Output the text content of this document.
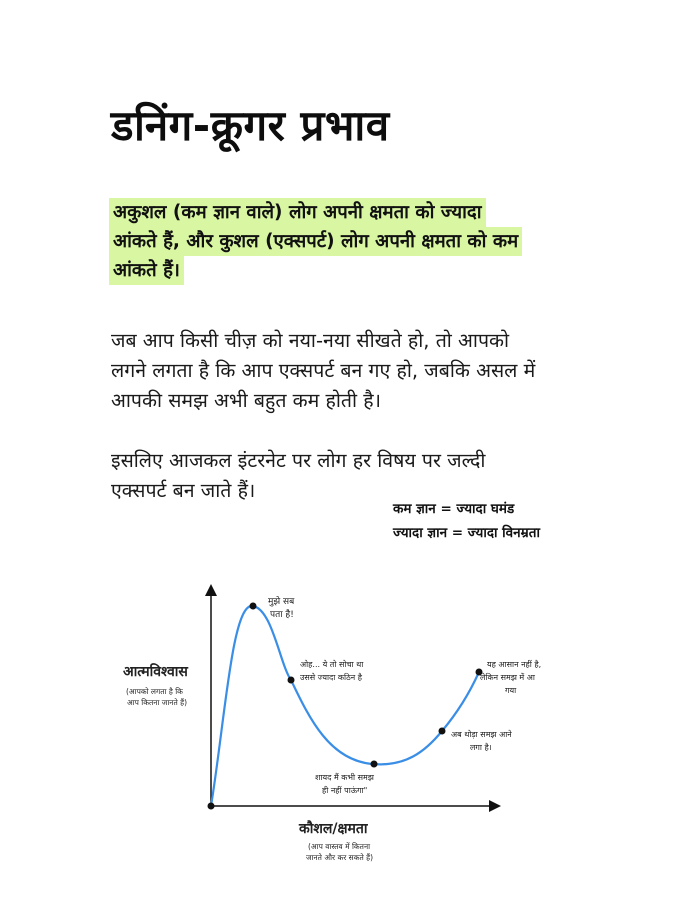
डनिंग-क्रूगर प्रभाव
अकुशल (कम ज्ञान वाले) लोग अपनी क्षमता को ज्यादा
आंकते हैं, और कुशल (एक्सपर्ट) लोग अपनी क्षमता को कम
आंकते हैं।
जब आप किसी चीज़ को नया-नया सीखते हो, तो आपको
लगने लगता है कि आप एक्सपर्ट बन गए हो, जबकि असल में
आपकी समझ अभी बहुत कम होती है।
इसलिए आजकल इंटरनेट पर लोग हर विषय पर जल्दी
एक्सपर्ट बन जाते हैं।
कम ज्ञान = ज्यादा घमंड
ज्यादा ज्ञान = ज्यादा विनम्रता
मुझे सब
पता है!
ओह... ये तो सोचा था
उससे ज्यादा कठिन है
शायद मैं कभी समझ
ही नहीं पाऊंगा"
अब थोड़ा समझ आने
लगा है।
यह आसान नहीं है,
लेकिन समझ में आ
गया
आत्मविश्वास
(आपको लगता है कि
आप कितना जानते हैं)
कौशल/क्षमता
(आप वास्तव में कितना
जानते और कर सकते हैं)
